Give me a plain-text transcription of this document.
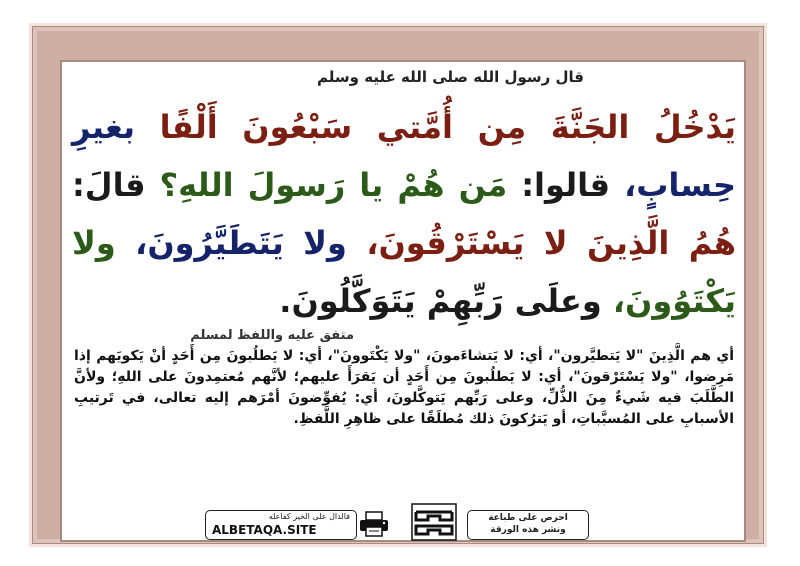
قال رسول الله صلى الله عليه وسلم
يَدْخُلُ الجَنَّةَ مِن أُمَّتي سَبْعُونَ أَلْفًا بغيرِ حِسابٍ، قالوا: مَن هُمْ يا رَسولَ اللهِ؟ قالَ: هُمُ الَّذِينَ لا يَسْتَرْقُونَ، ولا يَتَطَيَّرُونَ، ولا يَكْتَوُونَ، وعلَى رَبِّهِمْ يَتَوَكَّلُونَ.
متفق عليه واللفظ لمسلم
أي هم الَّذِينَ "لا يَتطيَّرون"، أي: لا يَتشاءَمونَ، "ولا يَكْتَوونَ"، أي: لا يَطلُبونَ مِن أَحَدٍ أنْ يَكويَهم إذا مَرِضوا، "ولا يَسْتَرْقونَ"، أي: لا يَطلُبونَ مِن أَحَدٍ أن يَقرَأَ عليهم؛ لأنَّهم مُعتمِدونَ على اللهِ؛ ولأنَّ الطَّلَبَ فيه شَيءٌ مِنَ الذُّلِّ، وعلى رَبِّهم يَتوكَّلونَ، أي: يُفوِّضونَ أمْرَهم إليه تعالى، في تَرتيبِ الأسبابِ على المُسبَّباتِ، أو يَترُكونَ ذلك مُطلَقًا على ظاهِرِ اللَّفظِ.
فالدال على الخير كفاعله
ALBETAQA.SITE
احرص على طباعة
ونشر هذه الورقة
